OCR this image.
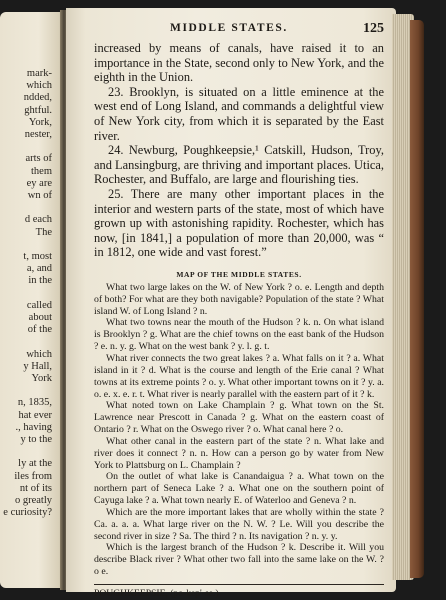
mark-
which
ndded,
ghtful.
York,
nester,
arts of
them
ey are
wn of
d each
The
t, most
a, and
in the
called
about
of the
which
y Hall,
York
n, 1835,
hat ever
., having
y to the
ly at the
iles from
nt of its
o greatly
e curiosity?
MIDDLE STATES.	125

increased by means of canals, have raised it to an importance in the State, second only to New York, and the eighth in the Union.

23. Brooklyn, is situated on a little eminence at the west end of Long Island, and commands a delightful view of New York city, from which it is separated by the East river.

24. Newburg, Poughkeepsie,¹ Catskill, Hudson, Troy, and Lansingburg, are thriving and important places. Utica, Rochester, and Buffalo, are large and flourishing ties.

25. There are many other important places in the interior and western parts of the state, most of which have grown up with astonishing rapidity. Rochester, which has now, [in 1841,] a population of more than 20,000, was “ in 1812, one wide and vast forest.”

MAP OF THE MIDDLE STATES.

What two large lakes on the W. of New York ? o. e. Length and depth of both? For what are they both navigable? Population of the state ? What island W. of Long Island ? n.

What two towns near the mouth of the Hudson ? k. n. On what island is Brooklyn ? g. What are the chief towns on the east bank of the Hudson ? e. n. y. g. What on the west bank ? y. l. g. t.

What river connects the two great lakes ? a. What falls on it ? a. What island in it ? d. What is the course and length of the Erie canal ? What towns at its extreme points ? o. y. What other important towns on it ? y. a. o. e. x. e. r. t. What river is nearly parallel with the eastern part of it ? k.

What noted town on Lake Champlain ? g. What town on the St. Lawrence near Prescott in Canada ? g. What on the eastern coast of Ontario ? r. What on the Oswego river ? o. What canal here ? o.

What other canal in the eastern part of the state ? n. What lake and river does it connect ? n. n. How can a person go by water from New York to Plattsburg on L. Champlain ?

On the outlet of what lake is Canandaigua ? a. What town on the northern part of Seneca Lake ? a. What one on the southern point of Cayuga lake ? a. What town nearly E. of Waterloo and Geneva ? n.

Which are the more important lakes that are wholly within the state ? Ca. a. a. a. What large river on the N. W. ? Le. Will you describe the second river in size ? Sa. The third ? n. Its navigation ? n. y. y.

Which is the largest branch of the Hudson ? k. Describe it. Will you describe Black river ? What other two fall into the same lake on the W. ? o e.

POUGHKEEPSIE, (po-kep'-se.)
